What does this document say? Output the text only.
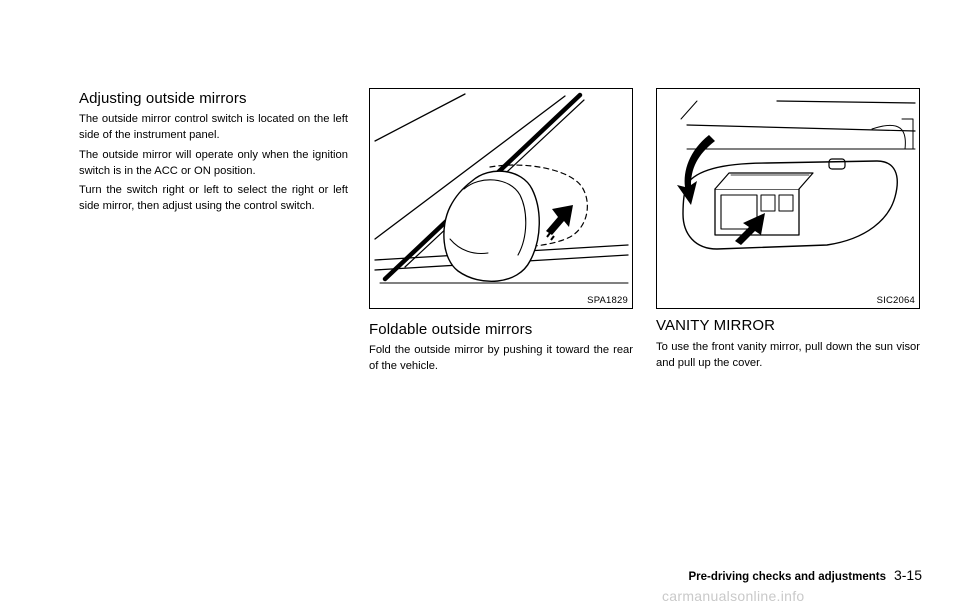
Adjusting outside mirrors

The outside mirror control switch is located on the left side of the instrument panel.

The outside mirror will operate only when the ignition switch is in the ACC or ON position.

Turn the switch right or left to select the right or left side mirror, then adjust using the control switch.

SPA1829
Foldable outside mirrors

Fold the outside mirror by pushing it toward the rear of the vehicle.

SIC2064
VANITY MIRROR

To use the front vanity mirror, pull down the sun visor and pull up the cover.

Pre-driving checks and adjustments 3-15
carmanualsonline.info
